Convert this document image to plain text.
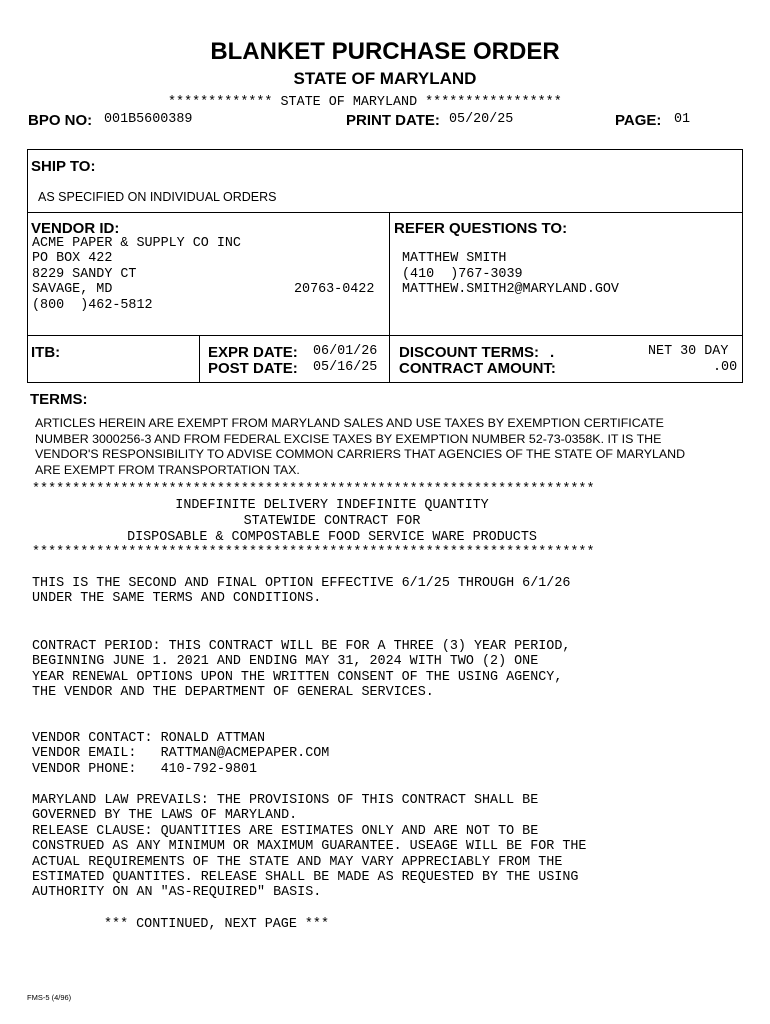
BLANKET PURCHASE ORDER
STATE OF MARYLAND
************* STATE OF MARYLAND *****************
BPO NO: 001B5600389	PRINT DATE: 05/20/25	PAGE: 01
SHIP TO:
AS SPECIFIED ON INDIVIDUAL ORDERS
VENDOR ID:
ACME PAPER & SUPPLY CO INC
PO BOX 422
8229 SANDY CT
SAVAGE, MD	20763-0422
(800  )462-5812
REFER QUESTIONS TO:
MATTHEW SMITH
(410  )767-3039
MATTHEW.SMITH2@MARYLAND.GOV
ITB:	EXPR DATE: 06/01/26
POST DATE: 05/16/25
DISCOUNT TERMS: .	NET 30 DAY
CONTRACT AMOUNT:	.00
TERMS:
ARTICLES HEREIN ARE EXEMPT FROM MARYLAND SALES AND USE TAXES BY EXEMPTION CERTIFICATE
NUMBER 3000256-3 AND FROM FEDERAL EXCISE TAXES BY EXEMPTION NUMBER 52-73-0358K. IT IS THE
VENDOR'S RESPONSIBILITY TO ADVISE COMMON CARRIERS THAT AGENCIES OF THE STATE OF MARYLAND
ARE EXEMPT FROM TRANSPORTATION TAX.
**********************************************************************
INDEFINITE DELIVERY INDEFINITE QUANTITY
STATEWIDE CONTRACT FOR
DISPOSABLE & COMPOSTABLE FOOD SERVICE WARE PRODUCTS
**********************************************************************
THIS IS THE SECOND AND FINAL OPTION EFFECTIVE 6/1/25 THROUGH 6/1/26
UNDER THE SAME TERMS AND CONDITIONS.
CONTRACT PERIOD: THIS CONTRACT WILL BE FOR A THREE (3) YEAR PERIOD,
BEGINNING JUNE 1. 2021 AND ENDING MAY 31, 2024 WITH TWO (2) ONE
YEAR RENEWAL OPTIONS UPON THE WRITTEN CONSENT OF THE USING AGENCY,
THE VENDOR AND THE DEPARTMENT OF GENERAL SERVICES.
VENDOR CONTACT: RONALD ATTMAN
VENDOR EMAIL:   RATTMAN@ACMEPAPER.COM
VENDOR PHONE:   410-792-9801
MARYLAND LAW PREVAILS: THE PROVISIONS OF THIS CONTRACT SHALL BE
GOVERNED BY THE LAWS OF MARYLAND.
RELEASE CLAUSE: QUANTITIES ARE ESTIMATES ONLY AND ARE NOT TO BE
CONSTRUED AS ANY MINIMUM OR MAXIMUM GUARANTEE. USEAGE WILL BE FOR THE
ACTUAL REQUIREMENTS OF THE STATE AND MAY VARY APPRECIABLY FROM THE
ESTIMATED QUANTITES. RELEASE SHALL BE MADE AS REQUESTED BY THE USING
AUTHORITY ON AN "AS-REQUIRED" BASIS.
*** CONTINUED, NEXT PAGE ***
FMS-5 (4/96)
